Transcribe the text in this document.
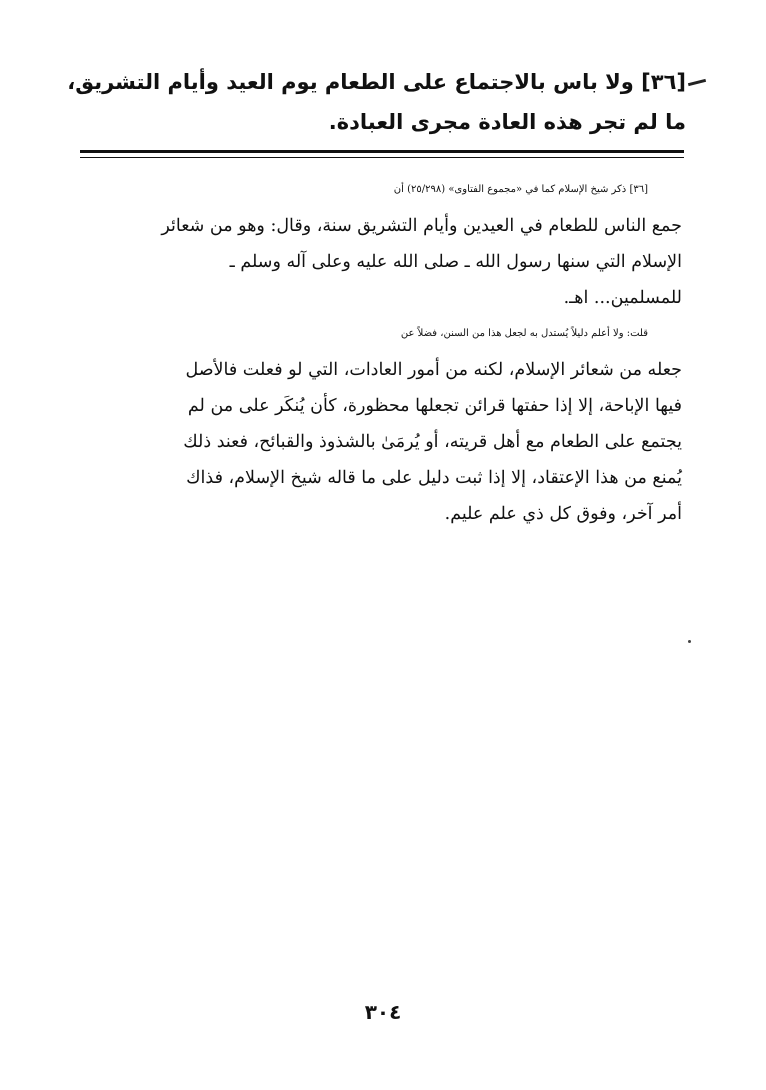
[٣٦] ولا باس بالاجتماع على الطعام يوم العيد وأيام التشريق،
ما لم تجر هذه العادة مجرى العبادة.

[٣٦] ذكر شيخ الإسلام كما في «مجموع الفتاوى» (٢٥/٢٩٨) أن
جمع الناس للطعام في العيدين وأيام التشريق سنة، وقال: وهو من شعائر
الإسلام التي سنها رسول الله ـ صلى الله عليه وعلى آله وسلم ـ
للمسلمين... اهـ.

قلت: ولا أعلم دليلاً يُستدل به لجعل هذا من السنن، فضلاً عن
جعله من شعائر الإسلام، لكنه من أمور العادات، التي لو فعلت فالأصل
فيها الإباحة، إلا إذا حفتها قرائن تجعلها محظورة، كأن يُنكَر على من لم
يجتمع على الطعام مع أهل قريته، أو يُرمَىٰ بالشذوذ والقبائح، فعند ذلك
يُمنع من هذا الإعتقاد، إلا إذا ثبت دليل على ما قاله شيخ الإسلام، فذاك
أمر آخر، وفوق كل ذي علم عليم.

٣٠٤
